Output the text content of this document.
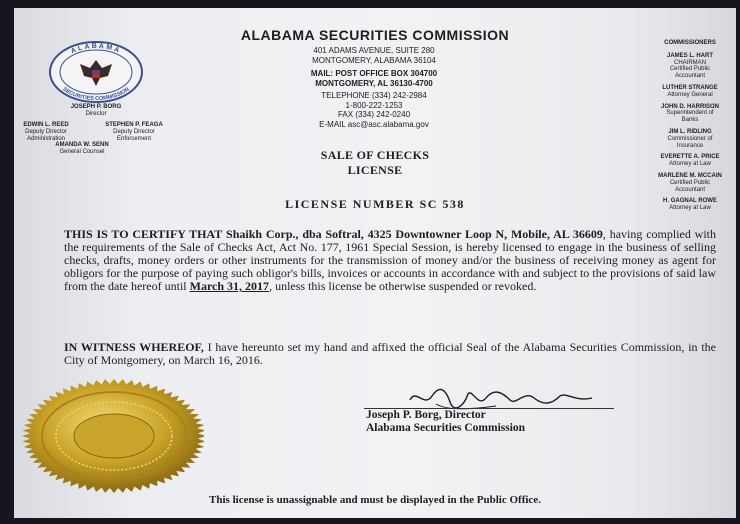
ALABAMA
SECURITIES COMMISSION
JOSEPH P. BORG
Director
EDWIN L. REED
Deputy Director
Administration
STEPHEN P. FEAGA
Deputy Director
Enforcement
AMANDA W. SENN
General Counsel
ALABAMA SECURITIES COMMISSION
401 ADAMS AVENUE, SUITE 280
MONTGOMERY, ALABAMA 36104
MAIL: POST OFFICE BOX 304700
MONTGOMERY, AL 36130-4700
TELEPHONE (334) 242-2984
1-800-222-1253
FAX (334) 242-0240
E-MAIL asc@asc.alabama.gov
COMMISSIONERS
JAMES L. HART
CHAIRMAN
Certified Public
Accountant
LUTHER STRANGE
Attorney General
JOHN D. HARRISON
Superintendent of
Banks
JIM L. RIDLING
Commissioner of
Insurance
EVERETTE A. PRICE
Attorney at Law
MARLENE M. MCCAIN
Certified Public
Accountant
H. GAGNAL ROWE
Attorney at Law
SALE OF CHECKS
LICENSE
LICENSE NUMBER SC 538
THIS IS TO CERTIFY THAT Shaikh Corp., dba Softral, 4325 Downtowner Loop N, Mobile, AL 36609, having complied with the requirements of the Sale of Checks Act, Act No. 177, 1961 Special Session, is hereby licensed to engage in the business of selling checks, drafts, money orders or other instruments for the transmission of money and/or the business of receiving money as agent for obligors for the purpose of paying such obligor's bills, invoices or accounts in accordance with and subject to the provisions of said law from the date hereof until March 31, 2017, unless this license be otherwise suspended or revoked.
IN WITNESS WHEREOF, I have hereunto set my hand and affixed the official Seal of the Alabama Securities Commission, in the City of Montgomery, on March 16, 2016.
Joseph P. Borg, Director
Alabama Securities Commission
This license is unassignable and must be displayed in the Public Office.
